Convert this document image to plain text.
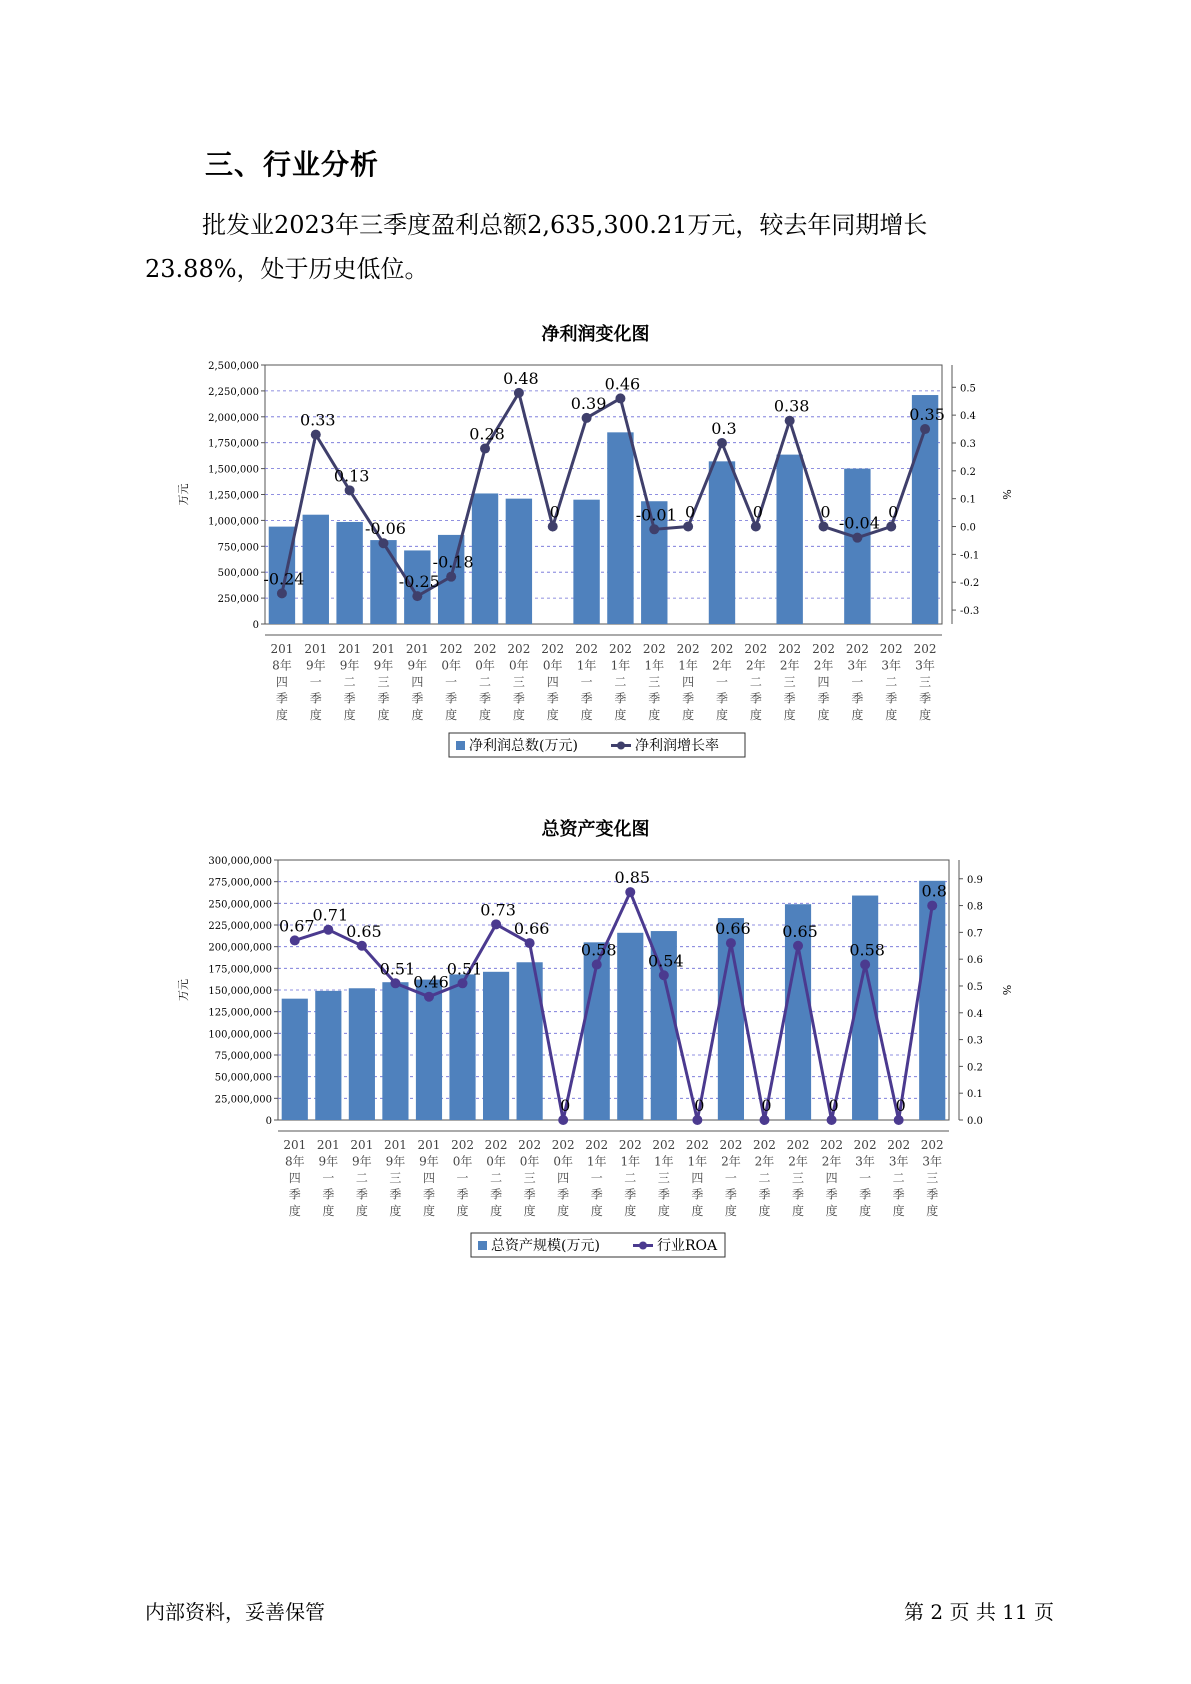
三、行业分析
批发业2023年三季度盈利总额2,635,300.21万元，较去年同期增长
23.88%，处于历史低位。
净利润变化图
0
250,000
500,000
750,000
1,000,000
1,250,000
1,500,000
1,750,000
2,000,000
2,250,000
2,500,000
万元
-0.3
-0.2
-0.1
0.0
0.1
0.2
0.3
0.4
0.5
%
-0.24
0.33
0.13
-0.06
-0.25
-0.18
0.28
0.48
0
0.39
0.46
-0.01 0
0.3
0
0.38
0
-0.04
0
0.35
201 8年四季度
201 9年一季度
201 9年二季度
201 9年三季度
201 9年四季度
202 0年一季度
202 0年二季度
202 0年三季度
202 0年四季度
202 1年一季度
202 1年二季度
202 1年三季度
202 1年四季度
202 2年一季度
202 2年二季度
202 2年三季度
202 2年四季度
202 3年一季度
202 3年二季度
202 3年三季度
净利润总数(万元)	净利润增长率
总资产变化图
0
25,000,000
50,000,000
75,000,000
100,000,000
125,000,000
150,000,000
175,000,000
200,000,000
225,000,000
250,000,000
275,000,000
300,000,000
万元
0.0
0.1
0.2
0.3
0.4
0.5
0.6
0.7
0.8
0.9
%
0.67
0.71
0.65
0.51
0.46
0.51
0.73
0.66
0
0.58
0.85
0.54
0
0.66
0
0.65
0
0.58
0
0.8
201 8年四季度
201 9年一季度
201 9年二季度
201 9年三季度
201 9年四季度
202 0年一季度
202 0年二季度
202 0年三季度
202 0年四季度
202 1年一季度
202 1年二季度
202 1年三季度
202 1年四季度
202 2年一季度
202 2年二季度
202 2年三季度
202 2年四季度
202 3年一季度
202 3年二季度
202 3年三季度
总资产规模(万元)	行业ROA
内部资料，妥善保管	第 2 页 共 11 页
